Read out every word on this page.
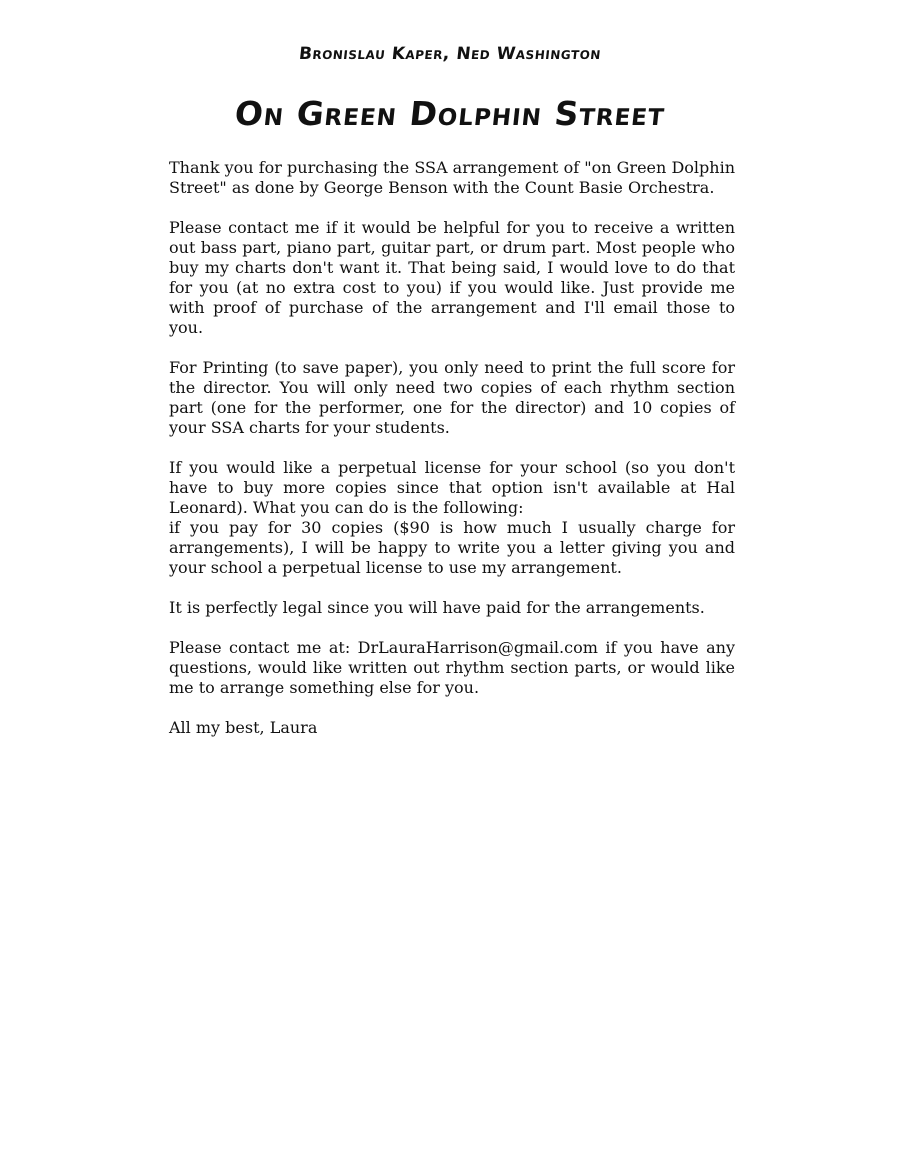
Bronislau Kaper, Ned Washington
On Green Dolphin Street

Thank you for purchasing the SSA arrangement of "on Green Dolphin Street" as done by George Benson with the Count Basie Orchestra.

Please contact me if it would be helpful for you to receive a written out bass part, piano part, guitar part, or drum part. Most people who buy my charts don't want it. That being said, I would love to do that for you (at no extra cost to you) if you would like. Just provide me with proof of purchase of the arrangement and I'll email those to you.

For Printing (to save paper), you only need to print the full score for the director. You will only need two copies of each rhythm section part (one for the performer, one for the director) and 10 copies of your SSA charts for your students.

If you would like a perpetual license for your school (so you don't have to buy more copies since that option isn't available at Hal Leonard). What you can do is the following:
if you pay for 30 copies ($90 is how much I usually charge for arrangements), I will be happy to write you a letter giving you and your school a perpetual license to use my arrangement.

It is perfectly legal since you will have paid for the arrangements.

Please contact me at: DrLauraHarrison@gmail.com if you have any questions, would like written out rhythm section parts, or would like me to arrange something else for you.

All my best, Laura
